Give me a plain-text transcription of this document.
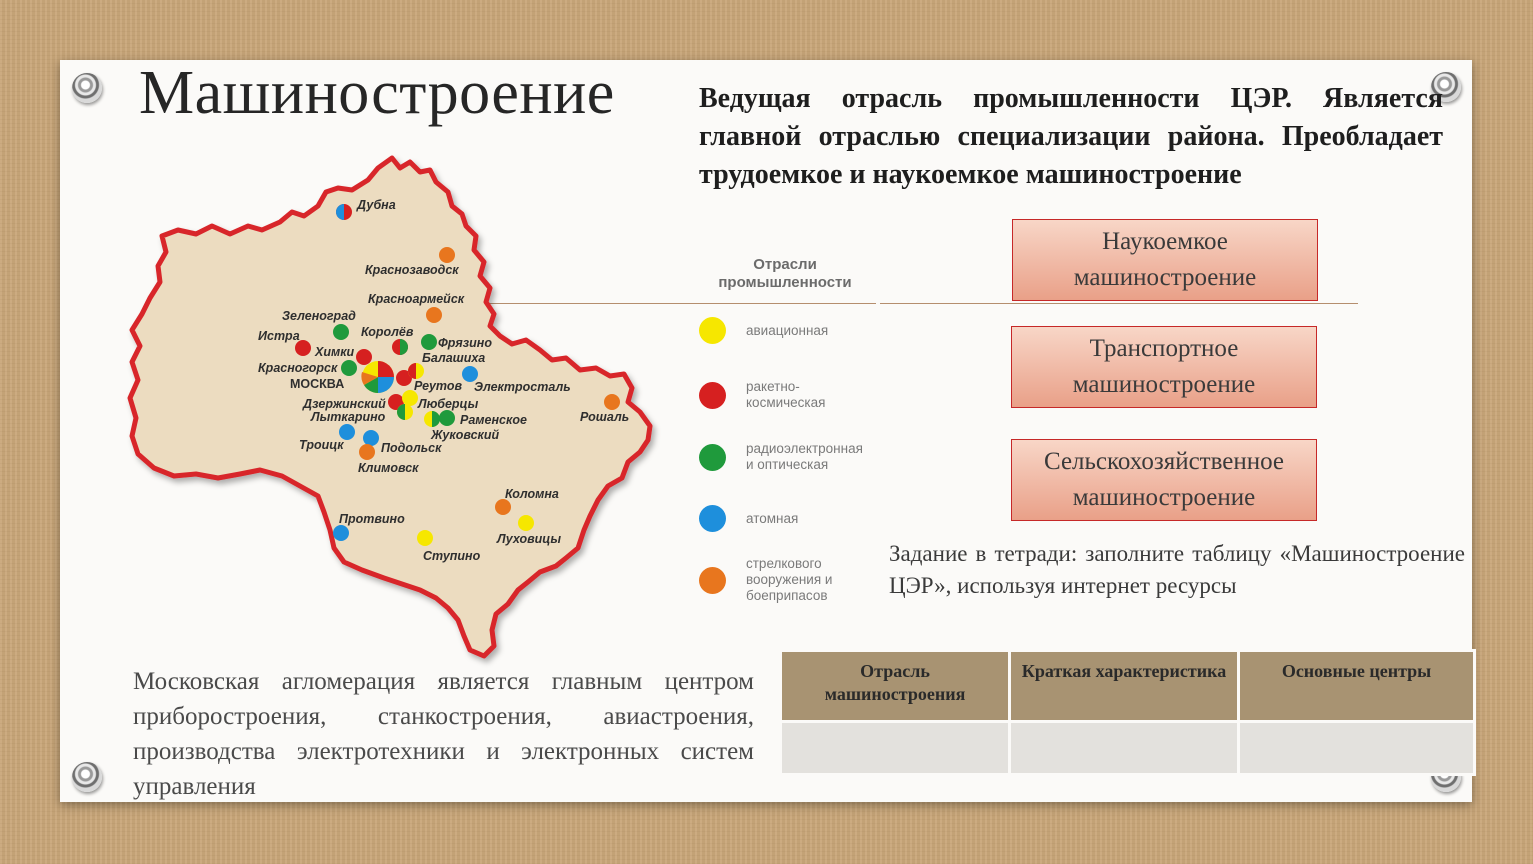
Машиностроение	Ведущая отрасль промышленности ЦЭР. Является главной отраслью специализации района. Преобладает трудоемкое и наукоемкое машиностроение

Наукоемкое машиностроение
Транспортное машиностроение
Сельскохозяйственное машиностроение

Задание в тетради: заполните таблицу «Машиностроение ЦЭР», используя интернет ресурсы

Отрасль машиностроения	Краткая характеристика	Основные центры

Московская агломерация является главным центром приборостроения, станкостроения, авиастроения, производства электротехники и электронных систем управления

Отрасли промышленности
авиационная
ракетно-
космическая
радиоэлектронная
и оптическая
атомная
стрелкового
вооружения и
боеприпасов
Дубна
Краснозаводск
Красноармейск
Зеленоград
Истра	Королёв
Фрязино
Химки	Балашиха
Красногорск
МОСКВА	Реутов Электросталь
Дзержинский	Люберцы
Лыткарино	Раменское	Рошаль
Жуковский
Троицк	Подольск
Климовск
Коломна
Протвино
Луховицы
Ступино
